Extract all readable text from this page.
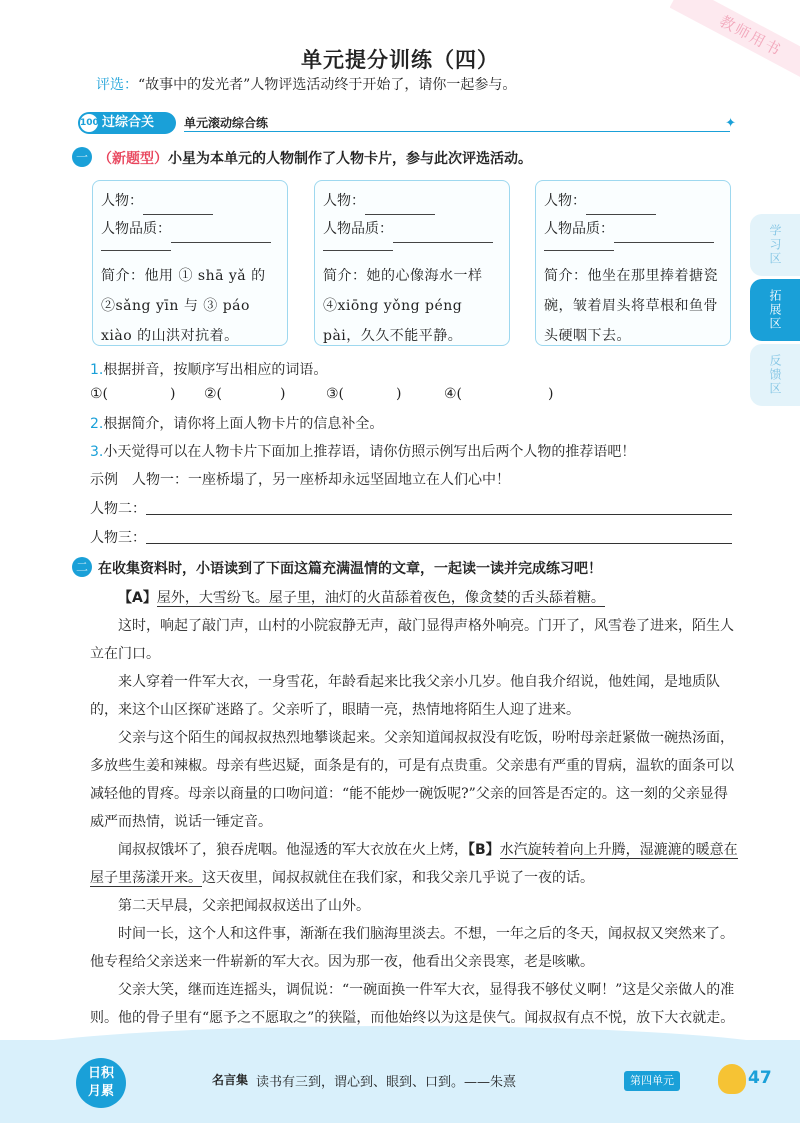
教师用书
单元提分训练（四）
评选：“故事中的发光者”人物评选活动终于开始了，请你一起参与。
100 过综合关	单元滚动综合练	✦
一 （新题型）小星为本单元的人物制作了人物卡片，参与此次评选活动。
人物：
人物品质：
简介：他用 ① shā yǎ 的 ②sǎng yīn 与 ③ páo xiào 的山洪对抗着。
人物：
人物品质：
简介：她的心像海水一样 ④xiōng yǒng péng pài，久久不能平静。
人物：
人物品质：
简介：他坐在那里捧着搪瓷碗，皱着眉头将草根和鱼骨头硬咽下去。
1.根据拼音，按顺序写出相应的词语。
①(	) ②(	)	③(	)	④(	)
2.根据简介，请你将上面人物卡片的信息补全。
3.小天觉得可以在人物卡片下面加上推荐语，请你仿照示例写出后两个人物的推荐语吧！
示例　人物一：一座桥塌了，另一座桥却永远坚固地立在人们心中！
人物二：
人物三：
二 在收集资料时，小语读到了下面这篇充满温情的文章，一起读一读并完成练习吧！
【A】屋外，大雪纷飞。屋子里，油灯的火苗舔着夜色，像贪婪的舌头舔着糖。
这时，响起了敲门声，山村的小院寂静无声，敲门显得声格外响亮。门开了，风雪卷了进来，陌生人立在门口。
来人穿着一件军大衣，一身雪花，年龄看起来比我父亲小几岁。他自我介绍说，他姓闻，是地质队的，来这个山区探矿迷路了。父亲听了，眼睛一亮，热情地将陌生人迎了进来。
父亲与这个陌生的闻叔叔热烈地攀谈起来。父亲知道闻叔叔没有吃饭，吩咐母亲赶紧做一碗热汤面，多放些生姜和辣椒。母亲有些迟疑，面条是有的，可是有点贵重。父亲患有严重的胃病，温软的面条可以减轻他的胃疼。母亲以商量的口吻问道：“能不能炒一碗饭呢?”父亲的回答是否定的。这一刻的父亲显得威严而热情，说话一锤定音。
闻叔叔饿坏了，狼吞虎咽。他湿透的军大衣放在火上烤，【B】水汽旋转着向上升腾，湿漉漉的暖意在屋子里荡漾开来。这天夜里，闻叔叔就住在我们家，和我父亲几乎说了一夜的话。
第二天早晨，父亲把闻叔叔送出了山外。
时间一长，这个人和这件事，渐渐在我们脑海里淡去。不想，一年之后的冬天，闻叔叔又突然来了。他专程给父亲送来一件崭新的军大衣。因为那一夜，他看出父亲畏寒，老是咳嗽。
父亲大笑，继而连连摇头，调侃说：“一碗面换一件军大衣，显得我不够仗义啊！”这是父亲做人的准则。他的骨子里有“愿予之不愿取之”的狭隘，而他始终以为这是侠气。闻叔叔有点不悦，放下大衣就走。
学习区
拓展区
反馈区
日积
月累
名言集 读书有三到，谓心到、眼到、口到。——朱熹	第四单元	47
